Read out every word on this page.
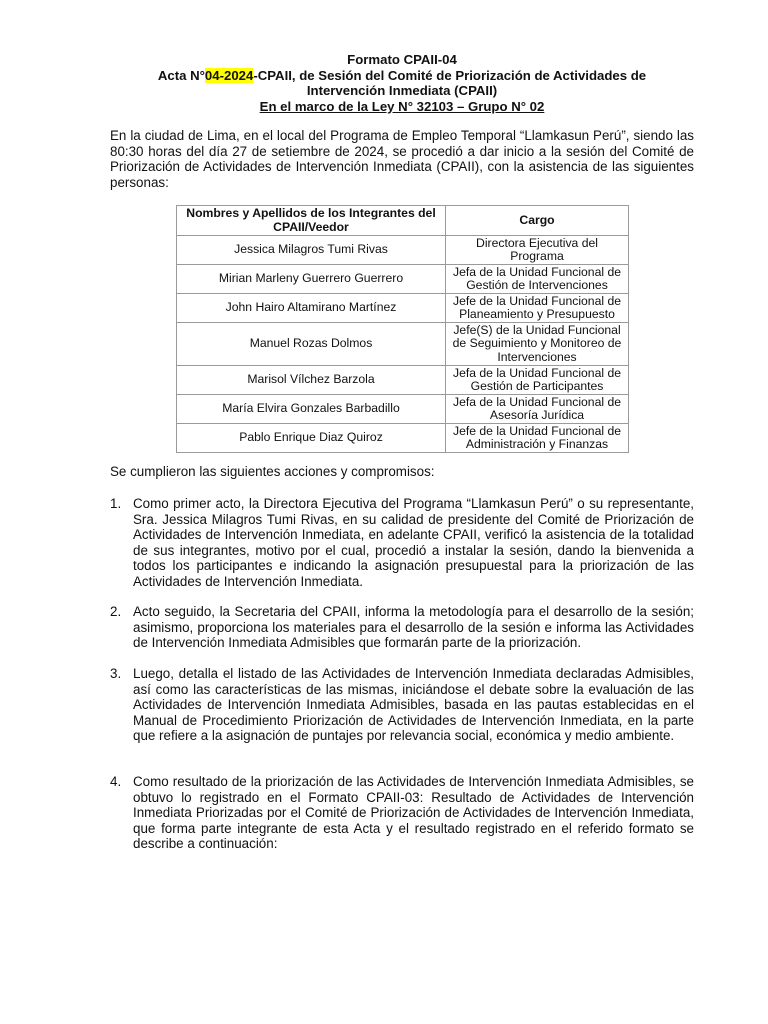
Formato CPAII-04
Acta N°04-2024-CPAII, de Sesión del Comité de Priorización de Actividades de
Intervención Inmediata (CPAII)
En el marco de la Ley N° 32103 – Grupo N° 02
En la ciudad de Lima, en el local del Programa de Empleo Temporal “Llamkasun Perú”, siendo las 80:30 horas del día 27 de setiembre de 2024, se procedió a dar inicio a la sesión del Comité de Priorización de Actividades de Intervención Inmediata (CPAII), con la asistencia de las siguientes personas:
Nombres y Apellidos de los Integrantes del CPAII/Veedor	Cargo
Jessica Milagros Tumi Rivas	Directora Ejecutiva del Programa
Mirian Marleny Guerrero Guerrero	Jefa de la Unidad Funcional de Gestión de Intervenciones
John Hairo Altamirano Martínez	Jefe de la Unidad Funcional de Planeamiento y Presupuesto
Manuel Rozas Dolmos	Jefe(S) de la Unidad Funcional de Seguimiento y Monitoreo de Intervenciones
Marisol Vílchez Barzola	Jefa de la Unidad Funcional de Gestión de Participantes
María Elvira Gonzales Barbadillo	Jefa de la Unidad Funcional de Asesoría Jurídica
Pablo Enrique Diaz Quiroz	Jefe de la Unidad Funcional de Administración y Finanzas
Se cumplieron las siguientes acciones y compromisos:
1. Como primer acto, la Directora Ejecutiva del Programa “Llamkasun Perú” o su representante, Sra. Jessica Milagros Tumi Rivas, en su calidad de presidente del Comité de Priorización de Actividades de Intervención Inmediata, en adelante CPAII, verificó la asistencia de la totalidad de sus integrantes, motivo por el cual, procedió a instalar la sesión, dando la bienvenida a todos los participantes e indicando la asignación presupuestal para la priorización de las Actividades de Intervención Inmediata.
2. Acto seguido, la Secretaria del CPAII, informa la metodología para el desarrollo de la sesión; asimismo, proporciona los materiales para el desarrollo de la sesión e informa las Actividades de Intervención Inmediata Admisibles que formarán parte de la priorización.
3. Luego, detalla el listado de las Actividades de Intervención Inmediata declaradas Admisibles, así como las características de las mismas, iniciándose el debate sobre la evaluación de las Actividades de Intervención Inmediata Admisibles, basada en las pautas establecidas en el Manual de Procedimiento Priorización de Actividades de Intervención Inmediata, en la parte que refiere a la asignación de puntajes por relevancia social, económica y medio ambiente.
4. Como resultado de la priorización de las Actividades de Intervención Inmediata Admisibles, se obtuvo lo registrado en el Formato CPAII-03: Resultado de Actividades de Intervención Inmediata Priorizadas por el Comité de Priorización de Actividades de Intervención Inmediata, que forma parte integrante de esta Acta y el resultado registrado en el referido formato se describe a continuación:
